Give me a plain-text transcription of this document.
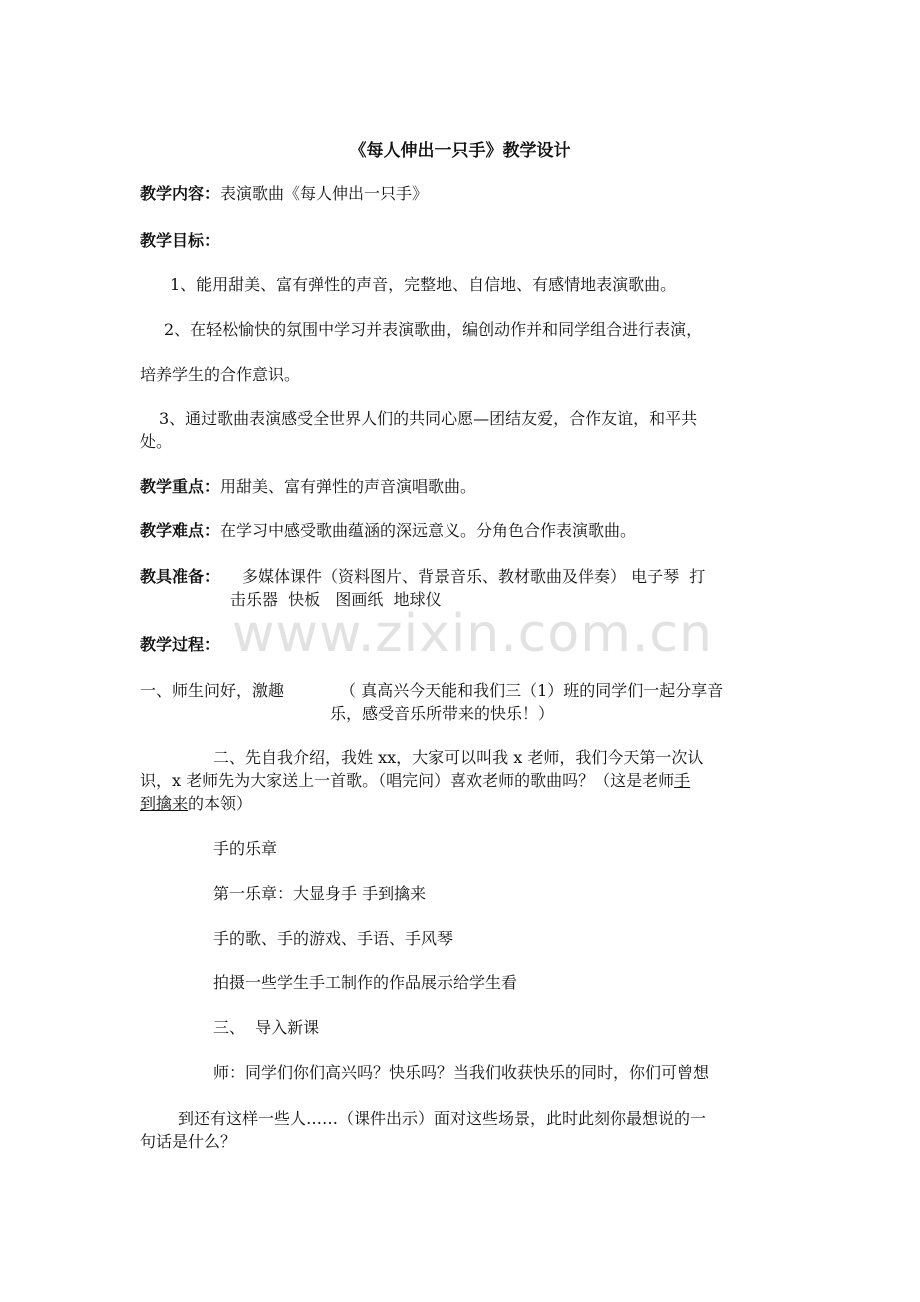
www.zixin.com.cn
《每人伸出一只手》教学设计
教学内容：表演歌曲《每人伸出一只手》
教学目标：
1、能用甜美、富有弹性的声音，完整地、自信地、有感情地表演歌曲。
2、在轻松愉快的氛围中学习并表演歌曲，编创动作并和同学组合进行表演，
培养学生的合作意识。
3、通过歌曲表演感受全世界人们的共同心愿—团结友爱，合作友谊，和平共
处。
教学重点：用甜美、富有弹性的声音演唱歌曲。
教学难点：在学习中感受歌曲蕴涵的深远意义。分角色合作表演歌曲。
教具准备： 多媒体课件（资料图片、背景音乐、教材歌曲及伴奏） 电子琴  打
击乐器  快板   图画纸  地球仪
教学过程：
一、师生问好，激趣	（ 真高兴今天能和我们三（1）班的同学们一起分享音
乐，感受音乐所带来的快乐！）
二、先自我介绍，我姓 xx，大家可以叫我 x 老师，我们今天第一次认
识，x 老师先为大家送上一首歌。（唱完问）喜欢老师的歌曲吗？（这是老师手
到擒来的本领）
手的乐章
第一乐章：大显身手 手到擒来
手的歌、手的游戏、手语、手风琴
拍摄一些学生手工制作的作品展示给学生看
三、  导入新课
师：同学们你们高兴吗？快乐吗？当我们收获快乐的同时，你们可曾想
到还有这样一些人……（课件出示）面对这些场景，此时此刻你最想说的一
句话是什么？
